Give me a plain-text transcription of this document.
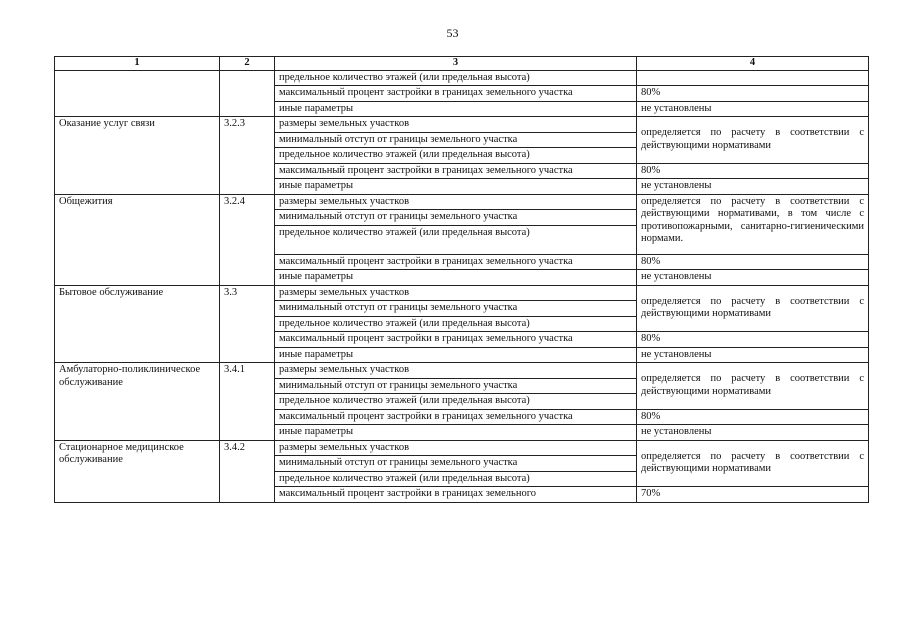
53
1	2	3	4
		предельное количество этажей (или предельная высота)	
		максимальный процент застройки в границах земельного участка	80%
		иные параметры	не установлены
Оказание услуг связи	3.2.3	размеры земельных участков	определяется по расчету в соответствии с действующими нормативами
		минимальный отступ от границы земельного участка	
		предельное количество этажей (или предельная высота)	
		максимальный процент застройки в границах земельного участка	80%
		иные параметры	не установлены
Общежития	3.2.4	размеры земельных участков	определяется по расчету в соответствии с действующими нормативами, в том числе с противопожарными, санитарно-гигиеническими нормами.
		минимальный отступ от границы земельного участка	
		предельное количество этажей (или предельная высота)	
		максимальный процент застройки в границах земельного участка	80%
		иные параметры	не установлены
Бытовое обслуживание	3.3	размеры земельных участков	определяется по расчету в соответствии с действующими нормативами
		минимальный отступ от границы земельного участка	
		предельное количество этажей (или предельная высота)	
		максимальный процент застройки в границах земельного участка	80%
		иные параметры	не установлены
Амбулаторно-поликлиническое обслуживание	3.4.1	размеры земельных участков	определяется по расчету в соответствии с действующими нормативами
		минимальный отступ от границы земельного участка	
		предельное количество этажей (или предельная высота)	
		максимальный процент застройки в границах земельного участка	80%
		иные параметры	не установлены
Стационарное медицинское обслуживание	3.4.2	размеры земельных участков	определяется по расчету в соответствии с действующими нормативами
		минимальный отступ от границы земельного участка	
		предельное количество этажей (или предельная высота)	
		максимальный процент застройки в границах земельного	70%
